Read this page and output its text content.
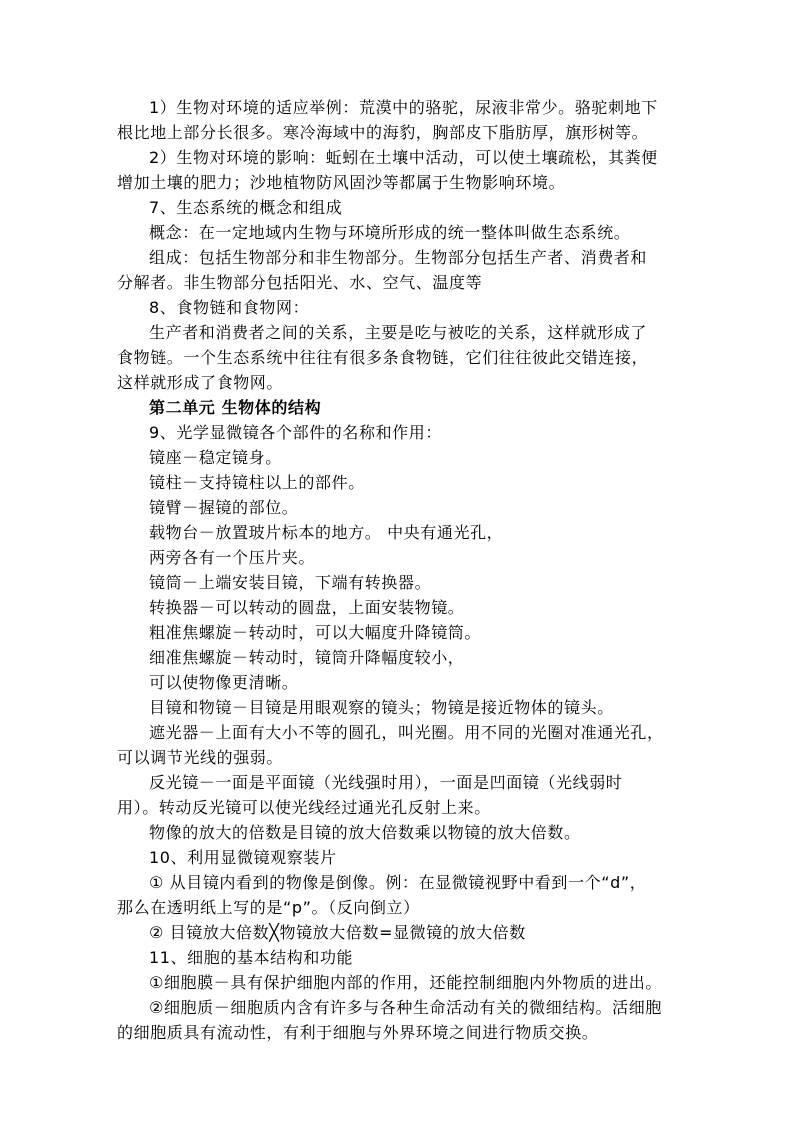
1）生物对环境的适应举例：荒漠中的骆驼，尿液非常少。骆驼刺地下
根比地上部分长很多。寒冷海域中的海豹，胸部皮下脂肪厚，旗形树等。
2）生物对环境的影响：蚯蚓在土壤中活动，可以使土壤疏松，其粪便
增加土壤的肥力；沙地植物防风固沙等都属于生物影响环境。
7、生态系统的概念和组成
概念：在一定地域内生物与环境所形成的统一整体叫做生态系统。
组成：包括生物部分和非生物部分。生物部分包括生产者、消费者和
分解者。非生物部分包括阳光、水、空气、温度等
8、食物链和食物网：
生产者和消费者之间的关系，主要是吃与被吃的关系，这样就形成了
食物链。一个生态系统中往往有很多条食物链，它们往往彼此交错连接，
这样就形成了食物网。
第二单元 生物体的结构
9、光学显微镜各个部件的名称和作用：
镜座－稳定镜身。
镜柱－支持镜柱以上的部件。
镜臂－握镜的部位。
载物台－放置玻片标本的地方。 中央有通光孔，
两旁各有一个压片夹。
镜筒－上端安装目镜，下端有转换器。
转换器－可以转动的圆盘，上面安装物镜。
粗准焦螺旋－转动时，可以大幅度升降镜筒。
细准焦螺旋－转动时，镜筒升降幅度较小，
可以使物像更清晰。
目镜和物镜－目镜是用眼观察的镜头；物镜是接近物体的镜头。
遮光器－上面有大小不等的圆孔，叫光圈。用不同的光圈对准通光孔，
可以调节光线的强弱。
反光镜－一面是平面镜（光线强时用），一面是凹面镜（光线弱时
用）。转动反光镜可以使光线经过通光孔反射上来。
物像的放大的倍数是目镜的放大倍数乘以物镜的放大倍数。
10、利用显微镜观察装片
① 从目镜内看到的物像是倒像。例：在显微镜视野中看到一个“d”，
那么在透明纸上写的是“p”。（反向倒立）
② 目镜放大倍数╳物镜放大倍数=显微镜的放大倍数
11、细胞的基本结构和功能
①细胞膜－具有保护细胞内部的作用，还能控制细胞内外物质的进出。
②细胞质－细胞质内含有许多与各种生命活动有关的微细结构。活细胞
的细胞质具有流动性，有利于细胞与外界环境之间进行物质交换。
